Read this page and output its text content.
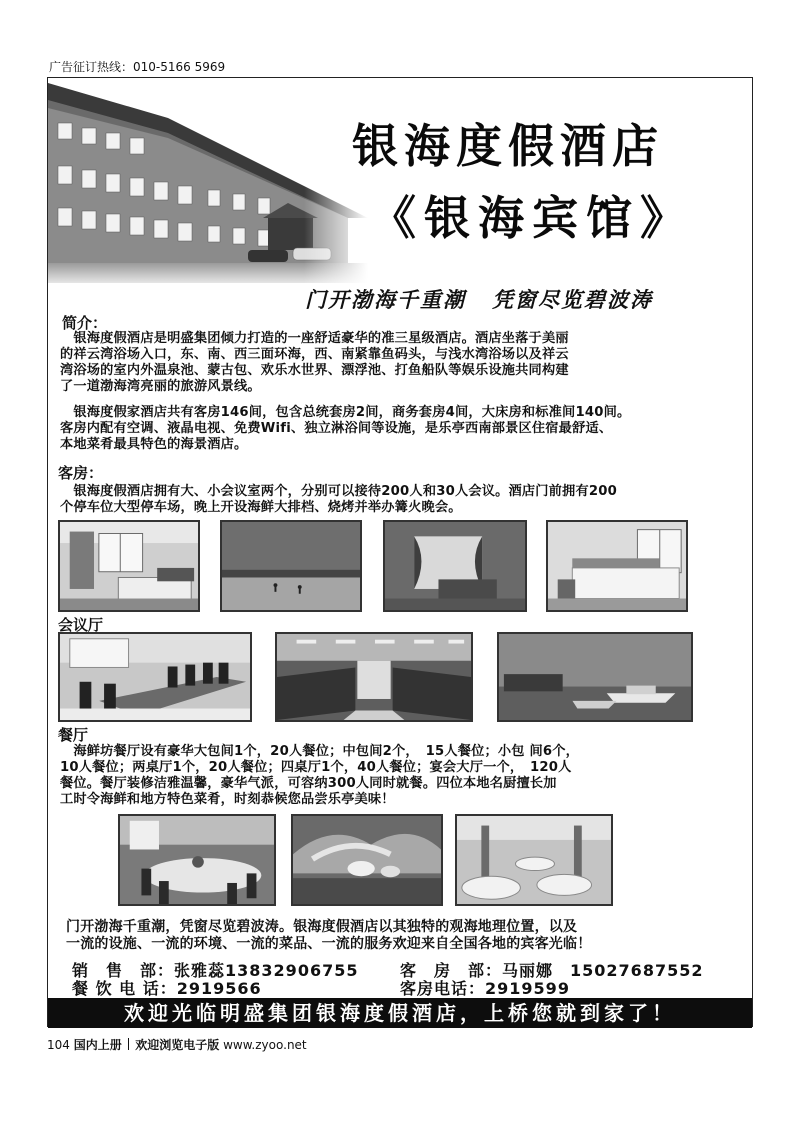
广告征订热线：010-5166 5969
银海度假酒店
《银海宾馆》
门开渤海千重潮 凭窗尽览碧波涛
简介：
　银海度假酒店是明盛集团倾力打造的一座舒适豪华的准三星级酒店。酒店坐落于美丽
的祥云湾浴场入口，东、南、西三面环海，西、南紧靠鱼码头，与浅水湾浴场以及祥云
湾浴场的室内外温泉池、蒙古包、欢乐水世界、漂浮池、打鱼船队等娱乐设施共同构建
了一道渤海湾亮丽的旅游风景线。
　银海度假家酒店共有客房146间，包含总统套房2间，商务套房4间，大床房和标准间140间。
客房内配有空调、液晶电视、免费Wifi、独立淋浴间等设施，是乐亭西南部景区住宿最舒适、
本地菜肴最具特色的海景酒店。
客房：
　银海度假酒店拥有大、小会议室两个，分别可以接待200人和30人会议。酒店门前拥有200
个停车位大型停车场，晚上开设海鲜大排档、烧烤并举办篝火晚会。
会议厅
餐厅
　海鲜坊餐厅设有豪华大包间1个，20人餐位；中包间2个，　15人餐位；小包 间6个，
10人餐位；两桌厅1个，20人餐位；四桌厅1个，40人餐位；宴会大厅一个，　120人
餐位。餐厅装修洁雅温馨，豪华气派，可容纳300人同时就餐。四位本地名厨擅长加
工时令海鲜和地方特色菜肴，时刻恭候您品尝乐亭美味！
门开渤海千重潮，凭窗尽览碧波涛。银海度假酒店以其独特的观海地理位置，以及
一流的设施、一流的环境、一流的菜品、一流的服务欢迎来自全国各地的宾客光临！
销　售　部：张雅蕊13832906755	客　房　部：马丽娜　15027687552
餐 饮 电 话：2919566	客房电话：2919599
欢迎光临明盛集团银海度假酒店，上桥您就到家了！
104 国内上册 欢迎浏览电子版 www.zyoo.net
